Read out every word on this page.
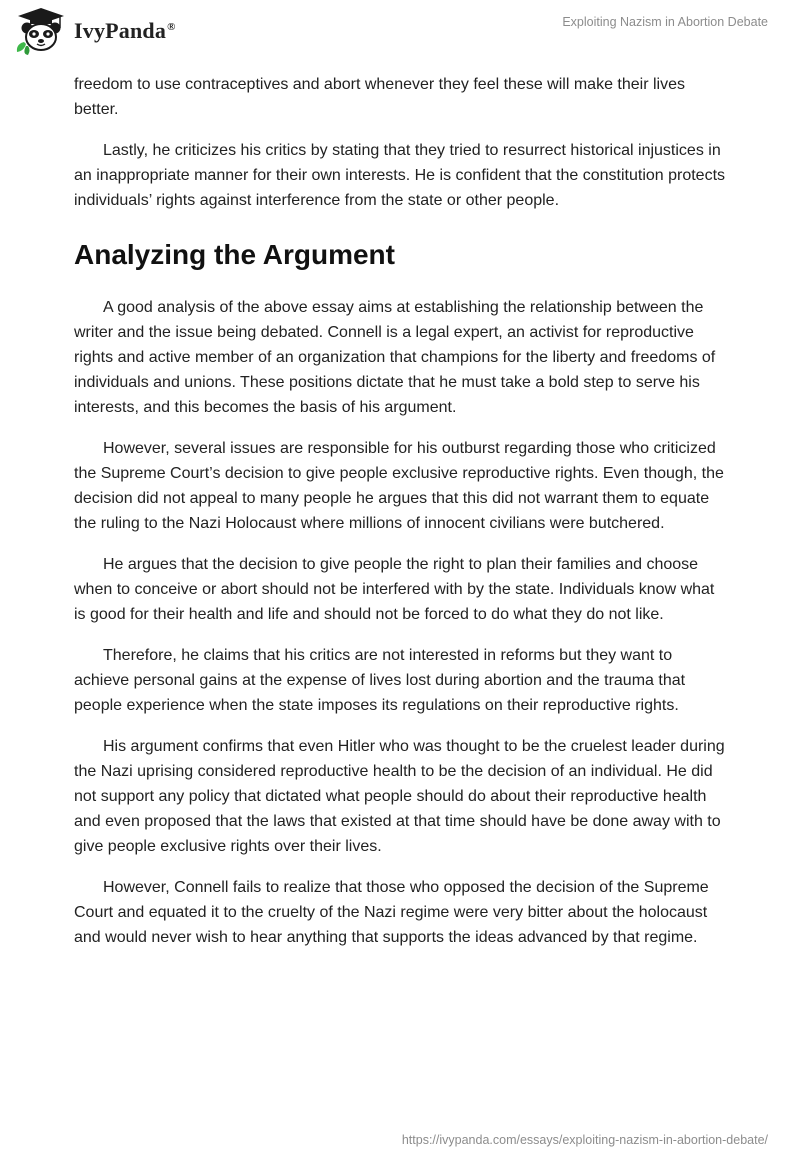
IvyPanda®	Exploiting Nazism in Abortion Debate

freedom to use contraceptives and abort whenever they feel these will make their lives better.

Lastly, he criticizes his critics by stating that they tried to resurrect historical injustices in an inappropriate manner for their own interests. He is confident that the constitution protects individuals’ rights against interference from the state or other people.

Analyzing the Argument

A good analysis of the above essay aims at establishing the relationship between the writer and the issue being debated. Connell is a legal expert, an activist for reproductive rights and active member of an organization that champions for the liberty and freedoms of individuals and unions. These positions dictate that he must take a bold step to serve his interests, and this becomes the basis of his argument.

However, several issues are responsible for his outburst regarding those who criticized the Supreme Court’s decision to give people exclusive reproductive rights. Even though, the decision did not appeal to many people he argues that this did not warrant them to equate the ruling to the Nazi Holocaust where millions of innocent civilians were butchered.

He argues that the decision to give people the right to plan their families and choose when to conceive or abort should not be interfered with by the state. Individuals know what is good for their health and life and should not be forced to do what they do not like.

Therefore, he claims that his critics are not interested in reforms but they want to achieve personal gains at the expense of lives lost during abortion and the trauma that people experience when the state imposes its regulations on their reproductive rights.

His argument confirms that even Hitler who was thought to be the cruelest leader during the Nazi uprising considered reproductive health to be the decision of an individual. He did not support any policy that dictated what people should do about their reproductive health and even proposed that the laws that existed at that time should have be done away with to give people exclusive rights over their lives.

However, Connell fails to realize that those who opposed the decision of the Supreme Court and equated it to the cruelty of the Nazi regime were very bitter about the holocaust and would never wish to hear anything that supports the ideas advanced by that regime.

https://ivypanda.com/essays/exploiting-nazism-in-abortion-debate/
